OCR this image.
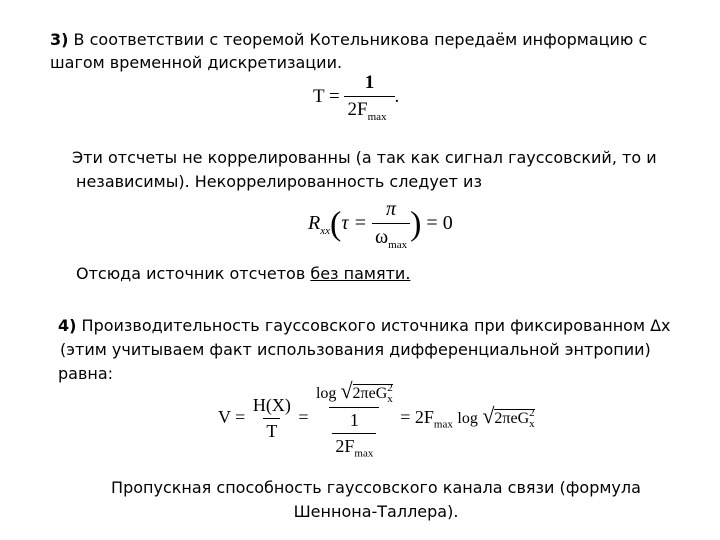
3) В соответствии с теоремой Котельникова передаём информацию с
шагом временной дискретизации.
$T = \frac{1}{2F_{max}}$ .
Эти отсчеты не коррелированны (а так как сигнал гауссовский, то и
независимы). Некоррелированность следует из
$R_{xx}(\tau = \frac{\pi}{\omega_{max}}$ ) = 0
Отсюда источник отсчетов без памяти.
4) Производительность гауссовского источника при фиксированном Δx
(этим учитываем факт использования дифференциальной энтропии)
равна:
$V = \frac{H(X)}{T} = \log √2\pi eG$ 2
x
$\frac{1}{2F_{max}} = 2F_{max}$ log √2πeG 2
x
Пропускная способность гауссовского канала связи (формула
Шеннона-Таллера).
